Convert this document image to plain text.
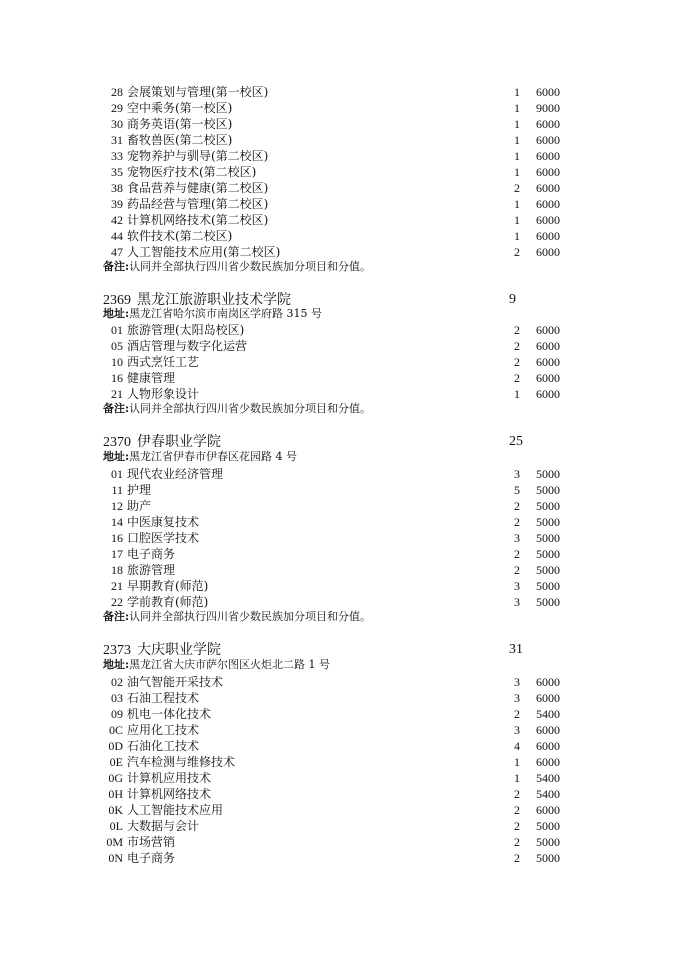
28 会展策划与管理(第一校区)	1 6000
29 空中乘务(第一校区)	1 9000
30 商务英语(第一校区)	1 6000
31 畜牧兽医(第二校区)	1 6000
33 宠物养护与驯导(第二校区)	1 6000
35 宠物医疗技术(第二校区)	1 6000
38 食品营养与健康(第二校区)	2 6000
39 药品经营与管理(第二校区)	1 6000
42 计算机网络技术(第二校区)	1 6000
44 软件技术(第二校区)	1 6000
47 人工智能技术应用(第二校区)	2 6000
备注:认同并全部执行四川省少数民族加分项目和分值。
2369 黑龙江旅游职业技术学院	9
地址:黑龙江省哈尔滨市南岗区学府路 315 号
01 旅游管理(太阳岛校区)	2 6000
05 酒店管理与数字化运营	2 6000
10 西式烹饪工艺	2 6000
16 健康管理	2 6000
21 人物形象设计	1 6000
备注:认同并全部执行四川省少数民族加分项目和分值。
2370 伊春职业学院	25
地址:黑龙江省伊春市伊春区花园路 4 号
01 现代农业经济管理	3 5000
11 护理	5 5000
12 助产	2 5000
14 中医康复技术	2 5000
16 口腔医学技术	3 5000
17 电子商务	2 5000
18 旅游管理	2 5000
21 早期教育(师范)	3 5000
22 学前教育(师范)	3 5000
备注:认同并全部执行四川省少数民族加分项目和分值。
2373 大庆职业学院	31
地址:黑龙江省大庆市萨尔图区火炬北二路 1 号
02 油气智能开采技术	3 6000
03 石油工程技术	3 6000
09 机电一体化技术	2 5400
0C 应用化工技术	3 6000
0D 石油化工技术	4 6000
0E 汽车检测与维修技术	1 6000
0G 计算机应用技术	1 5400
0H 计算机网络技术	2 5400
0K 人工智能技术应用	2 6000
0L 大数据与会计	2 5000
0M 市场营销	2 5000
0N 电子商务	2 5000
